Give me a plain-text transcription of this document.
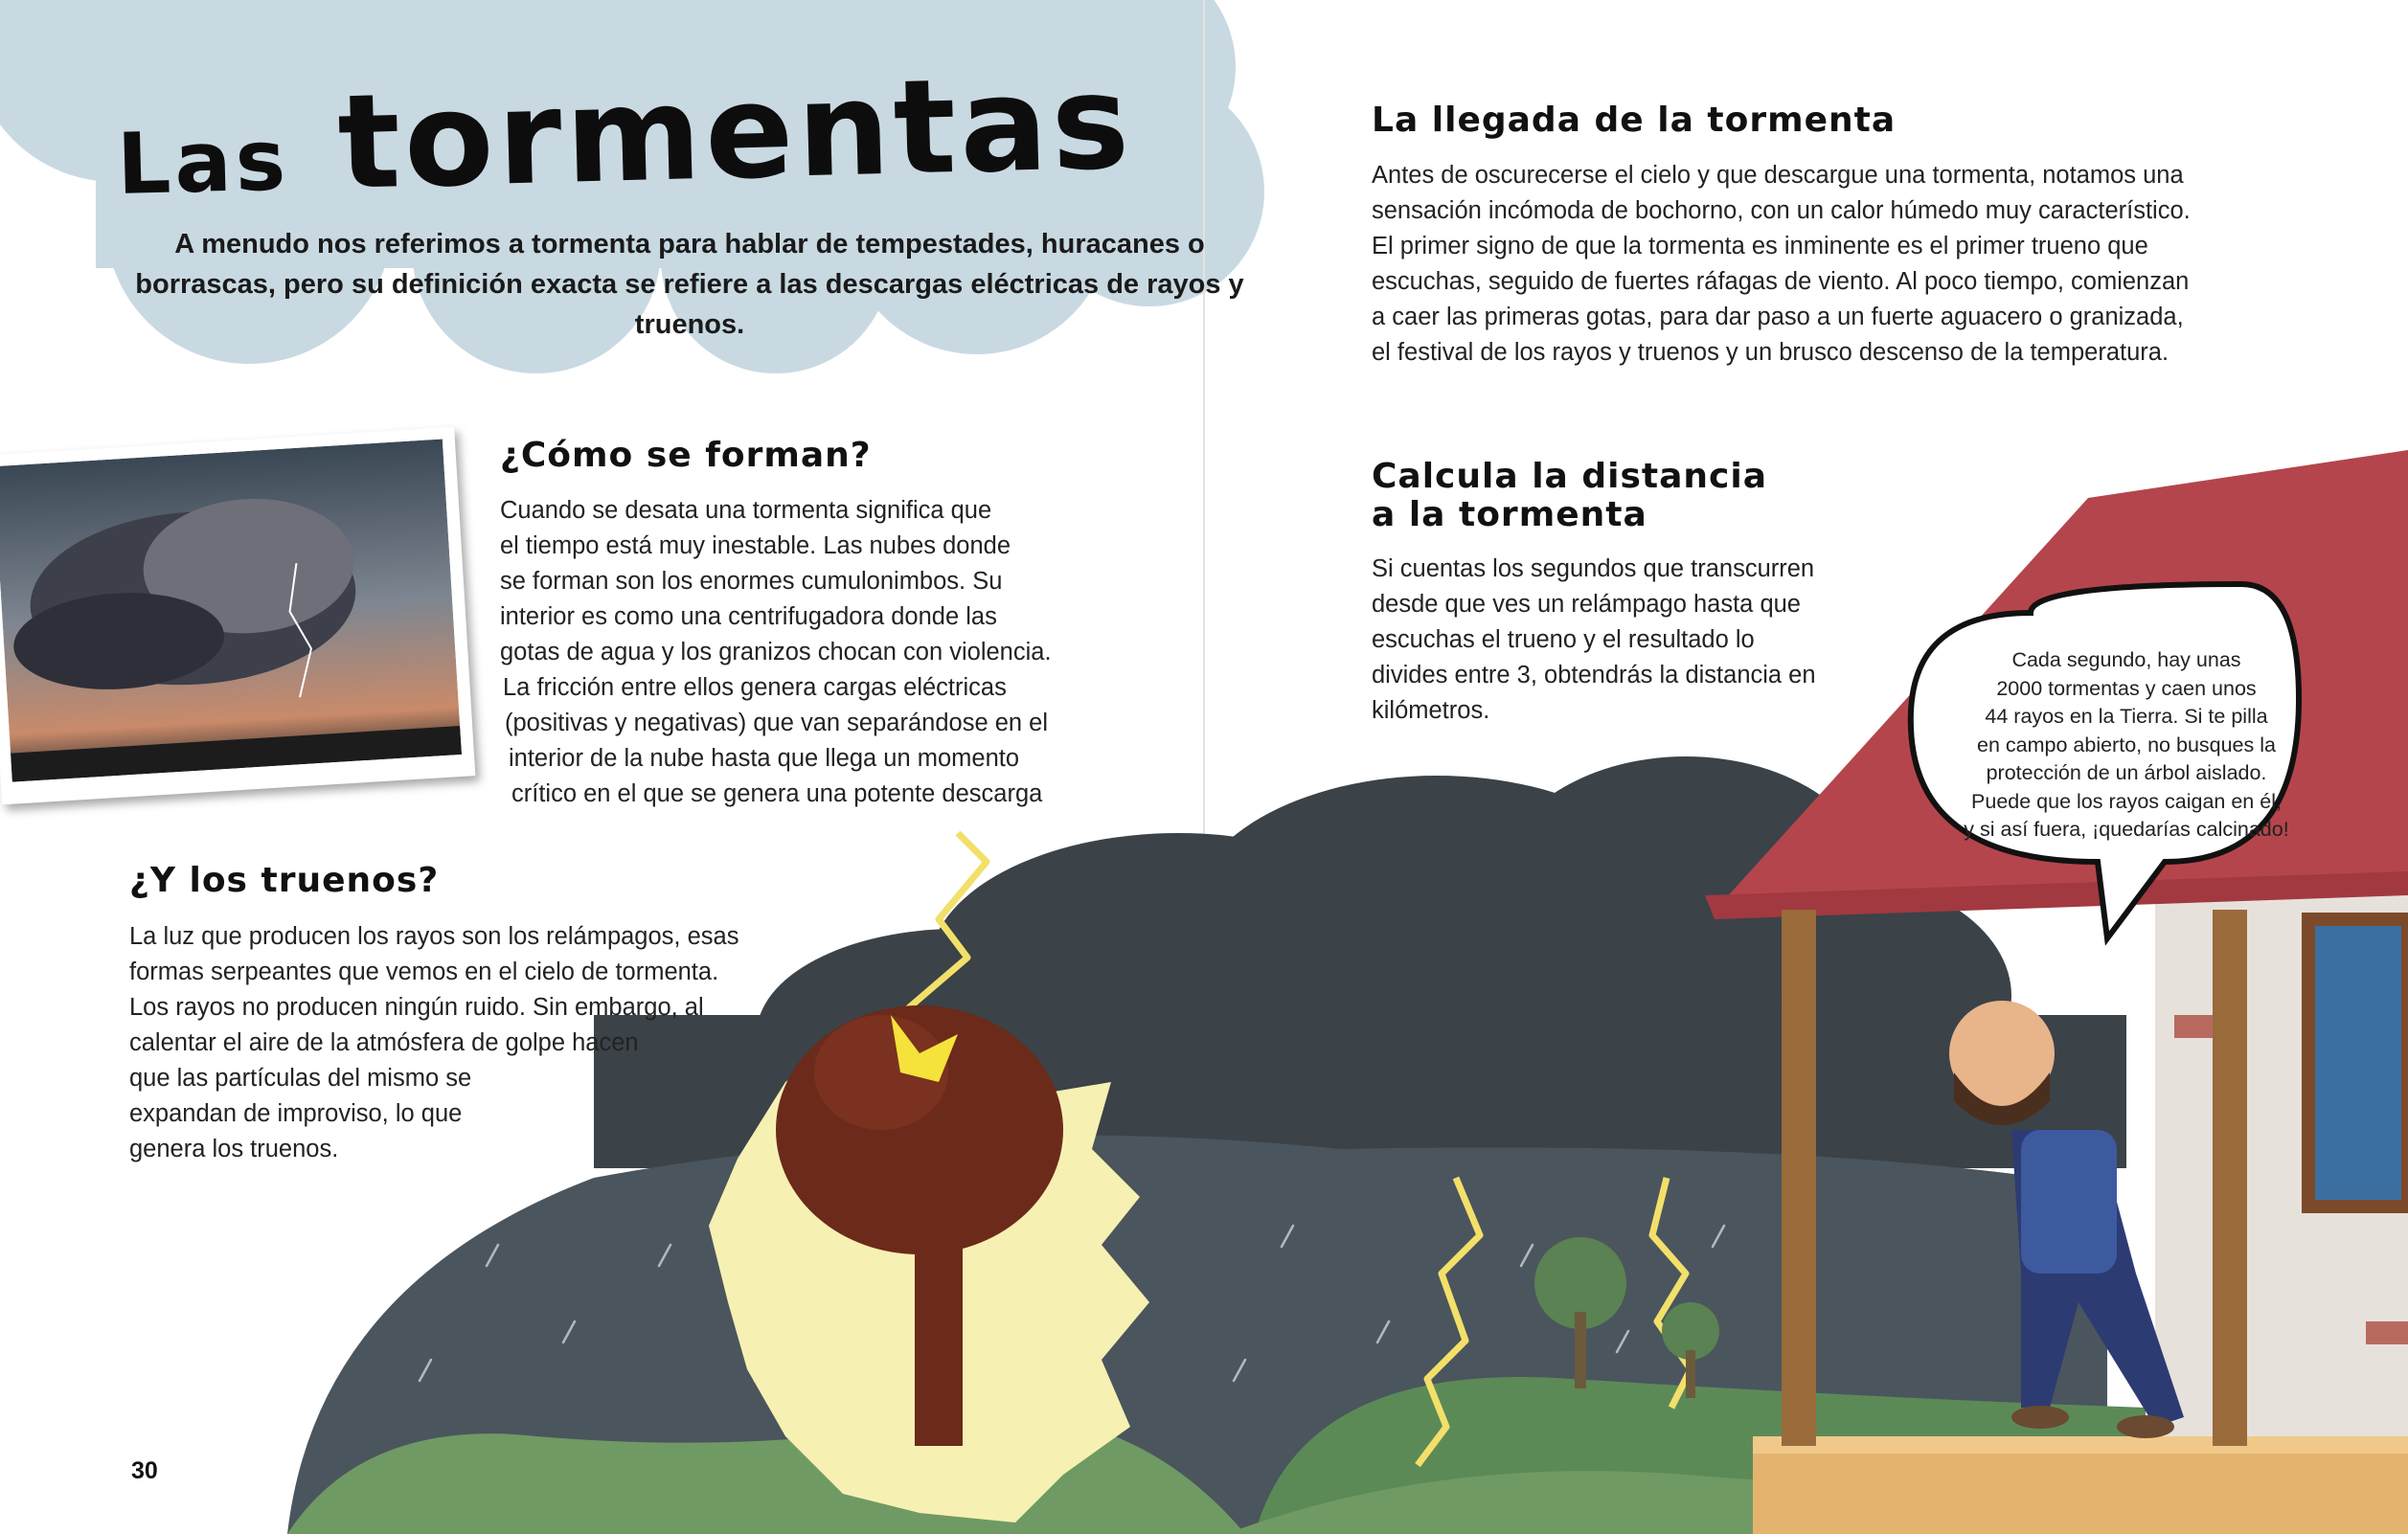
Las tormentas

A menudo nos referimos a tormenta para hablar de tempestades, huracanes o borrascas, pero su definición exacta se refiere a las descargas eléctricas de rayos y truenos.

¿Cómo se forman?

Cuando se desata una tormenta significa que
el tiempo está muy inestable. Las nubes donde
se forman son los enormes cumulonimbos. Su
interior es como una centrifugadora donde las
gotas de agua y los granizos chocan con violencia.
La fricción entre ellos genera cargas eléctricas
(positivas y negativas) que van separándose en el
interior de la nube hasta que llega un momento
crítico en el que se genera una potente descarga

¿Y los truenos?

La luz que producen los rayos son los relámpagos, esas
formas serpeantes que vemos en el cielo de tormenta.
Los rayos no producen ningún ruido. Sin embargo, al
calentar el aire de la atmósfera de golpe hacen
que las partículas del mismo se
expandan de improviso, lo que
genera los truenos.

La llegada de la tormenta

Antes de oscurecerse el cielo y que descargue una tormenta, notamos una
sensación incómoda de bochorno, con un calor húmedo muy característico.
El primer signo de que la tormenta es inminente es el primer trueno que
escuchas, seguido de fuertes ráfagas de viento. Al poco tiempo, comienzan
a caer las primeras gotas, para dar paso a un fuerte aguacero o granizada,
el festival de los rayos y truenos y un brusco descenso de la temperatura.

Calcula la distancia
a la tormenta

Si cuentas los segundos que transcurren
desde que ves un relámpago hasta que
escuchas el trueno y el resultado lo
divides entre 3, obtendrás la distancia en
kilómetros.

Cada segundo, hay unas
2000 tormentas y caen unos
44 rayos en la Tierra. Si te pilla
en campo abierto, no busques la
protección de un árbol aislado.
Puede que los rayos caigan en él,
y si así fuera, ¡quedarías calcinado!

30
